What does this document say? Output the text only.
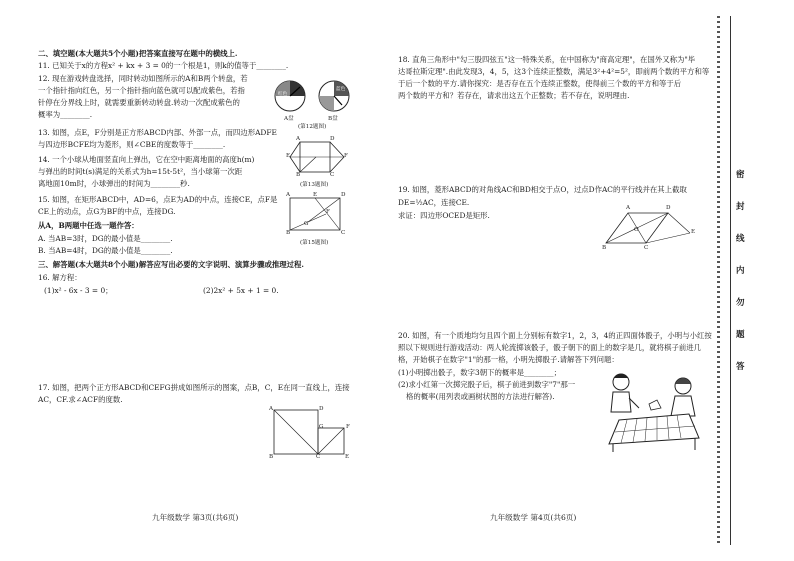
二、填空题(本大题共5个小题)把答案直接写在题中的横线上.
11. 已知关于x的方程x² + kx + 3 = 0的一个根是1，则k的值等于________.
12. 现在游戏转盘选择，同时转动如图所示的A和B两个转盘，若
一个指针指向红色，另一个指针指向蓝色就可以配成紫色，若指
针停在分界线上时，就需要重新转动转盘.转动一次配成紫色的
概率为________.
13. 如图，点E，F分别是正方形ABCD内部、外部一点，而四边形ADFE
与四边形BCFE均为菱形，则∠CBE的度数等于________.
14. 一个小球从地面竖直向上弹出，它在空中距离地面的高度h(m)
与弹出的时间t(s)满足的关系式为h=15t-5t²，当小球第一次距
离地面10m时，小球弹出的时间为________秒.
15. 如图，在矩形ABCD中，AD=6，点E为AD的中点，连接CE，点F是
CE上的动点，点G为BF的中点，连接DG.
从A，B两题中任选一题作答：
A. 当AB=3时，DG的最小值是________.
B. 当AB=4时，DG的最小值是________.
三、解答题(本大题共8个小题)解答应写出必要的文字说明、演算步骤或推理过程.
16. 解方程：
(1)x² - 6x - 3 = 0；	(2)2x² + 5x + 1 = 0.
17. 如图，把两个正方形ABCD和CEFG拼成如图所示的图案，点B，C，E在同一直线上，连接
AC，CF.求∠ACF的度数.
红色
蓝色
A盘	B盘
(第12题图)
A	D
E	F
B	C
(第13题图)
A	E	D
F
G
B	C
(第15题图)
A	D
G	F
B	C	E
九年级数学 第3页(共6页)
18. 直角三角形中"勾三股四弦五"这一特殊关系，在中国称为"商高定理"，在国外又称为"毕
达哥拉斯定理".由此发现3，4，5，这3个连续正整数，满足3²+4²=5²，即前两个数的平方和等
于后一个数的平方.请你探究：是否存在五个连续正整数，使得前三个数的平方和等于后
两个数的平方和？若存在，请求出这五个正整数；若不存在，说明理由.
19. 如图，菱形ABCD的对角线AC和BD相交于点O，过点D作AC的平行线并在其上截取
DE=½AC，连接CE.
求证：四边形OCED是矩形.
20. 如图，有一个质地均匀且四个面上分别标有数字1，2，3，4的正四面体骰子，小明与小红按
照以下规则进行游戏活动：两人轮流掷该骰子，骰子朝下的面上的数字是几，就将棋子前进几
格，开始棋子在数字"1"的那一格，小明先掷骰子.请解答下列问题：
(1)小明掷出骰子，数字3朝下的概率是________；
(2)求小红第一次掷完骰子后，棋子前进到数字"7"那一
格的概率(用列表或画树状图的方法进行解答).
A	D
E
O
B	C
九年级数学 第4页(共6页)
密
封
线
内
勿
题
答
